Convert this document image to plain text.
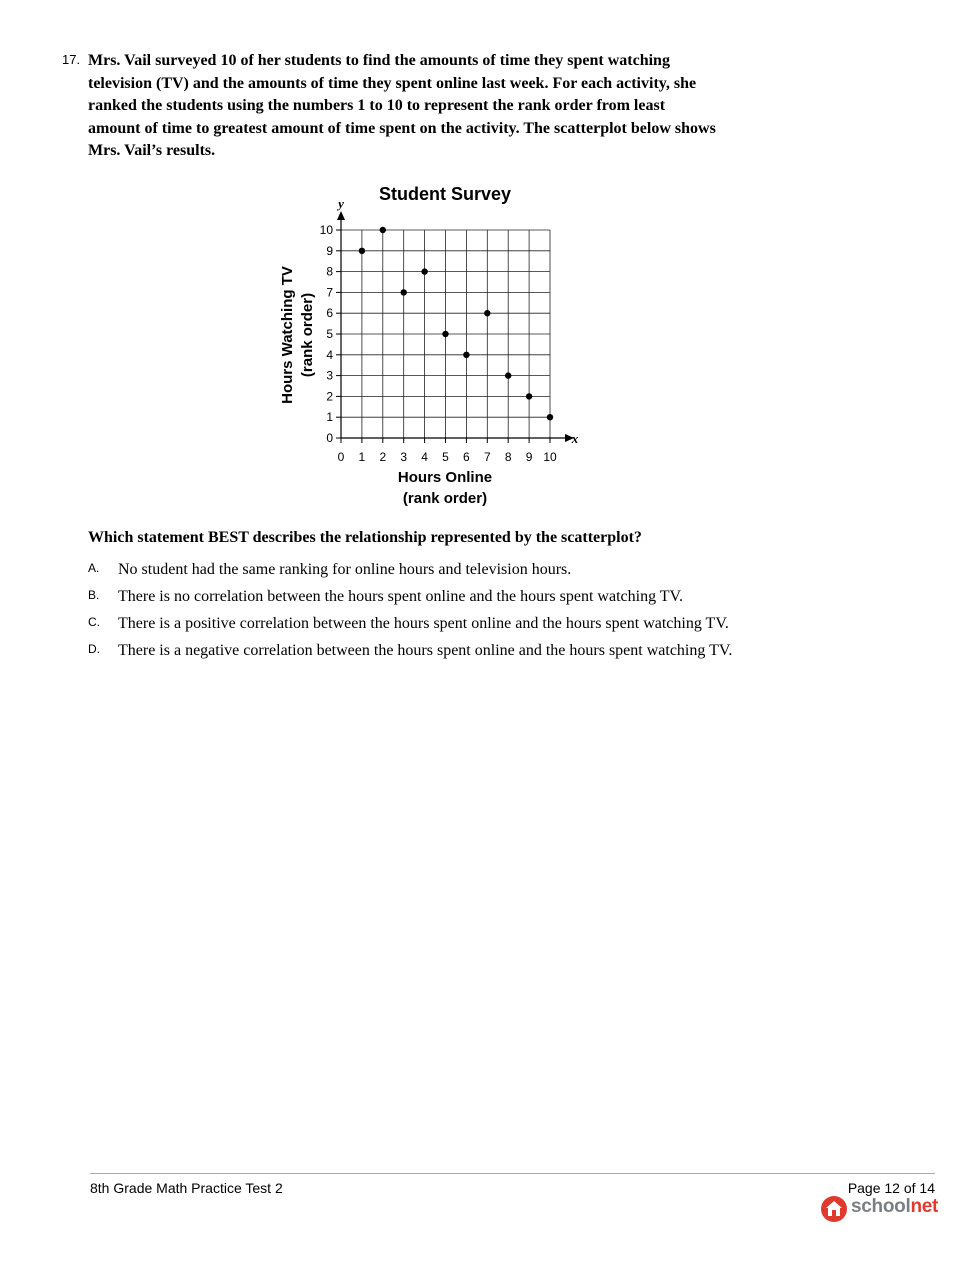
17. Mrs. Vail surveyed 10 of her students to find the amounts of time they spent watching
television (TV) and the amounts of time they spent online last week. For each activity, she
ranked the students using the numbers 1 to 10 to represent the rank order from least
amount of time to greatest amount of time spent on the activity. The scatterplot below shows
Mrs. Vail’s results.
Student Survey
0 1 2 3 4 5 6 7 8 9 10
0
1
2
3
4
5
6
7
8
9
10
y
x
Hours Watching TV (rank order)
Hours Online
(rank order)
Which statement BEST describes the relationship represented by the scatterplot?
A. No student had the same ranking for online hours and television hours.
B. There is no correlation between the hours spent online and the hours spent watching TV.
C. There is a positive correlation between the hours spent online and the hours spent watching TV.
D. There is a negative correlation between the hours spent online and the hours spent watching TV.
8th Grade Math Practice Test 2	Page 12 of 14
schoolnet
